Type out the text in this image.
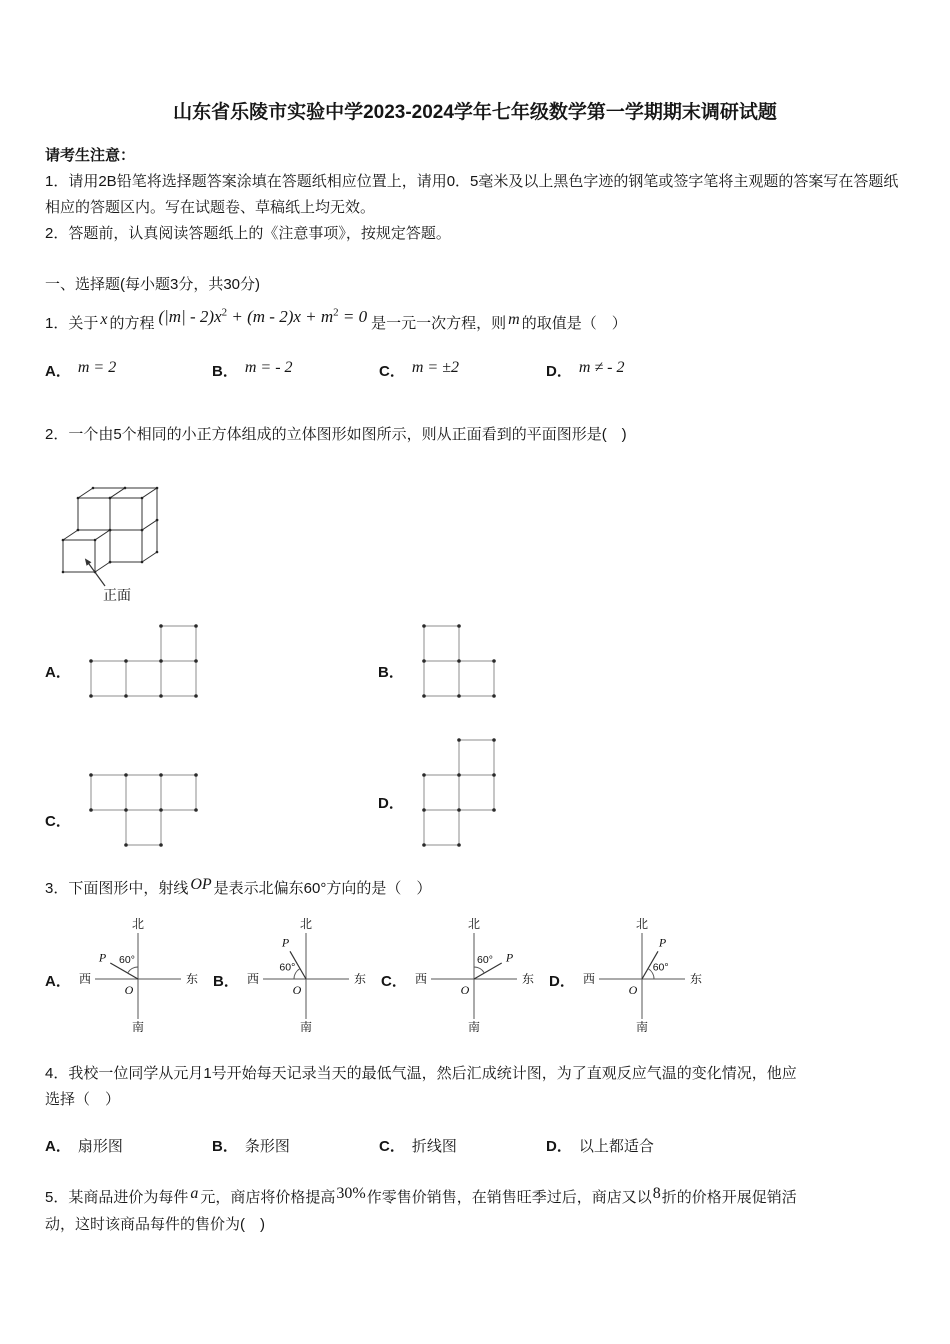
山东省乐陵市实验中学2023-2024学年七年级数学第一学期期末调研试题
请考生注意：

1．请用2B铅笔将选择题答案涂填在答题纸相应位置上，请用0．5毫米及以上黑色字迹的钢笔或签字笔将主观题的答案写在答题纸相应的答题区内。写在试题卷、草稿纸上均无效。

2．答题前，认真阅读答题纸上的《注意事项》，按规定答题。

一、选择题(每小题3分，共30分)

1．关于 x 的方程 $(|m| - 2)x^2 + (m - 2)x + m^2 = 0$ 是一元一次方程，则 m 的取值是（　）

A． m = 2	B． m = - 2	C． m = ±2	D． m ≠ - 2

2．一个由5个相同的小正方体组成的立体图形如图所示，则从正面看到的平面图形是(　)

正面
A．	B．
C．
D．

3．下面图形中，射线 OP 是表示北偏东60°方向的是（　）

A．
北
南
西	东
O
P 60°
B．
北
南
西	东
O
P
60°
C．
北
南
西	东
O
P
60°
D．
北
南
西	东
O
P
60°

4．我校一位同学从元月1号开始每天记录当天的最低气温，然后汇成统计图，为了直观反应气温的变化情况，他应

选择（　）

A． 扇形图	B． 条形图	C． 折线图	D． 以上都适合

5．某商品进价为每件 a 元，商店将价格提高30%作零售价销售，在销售旺季过后，商店又以8折的价格开展促销活

动，这时该商品每件的售价为(　)
